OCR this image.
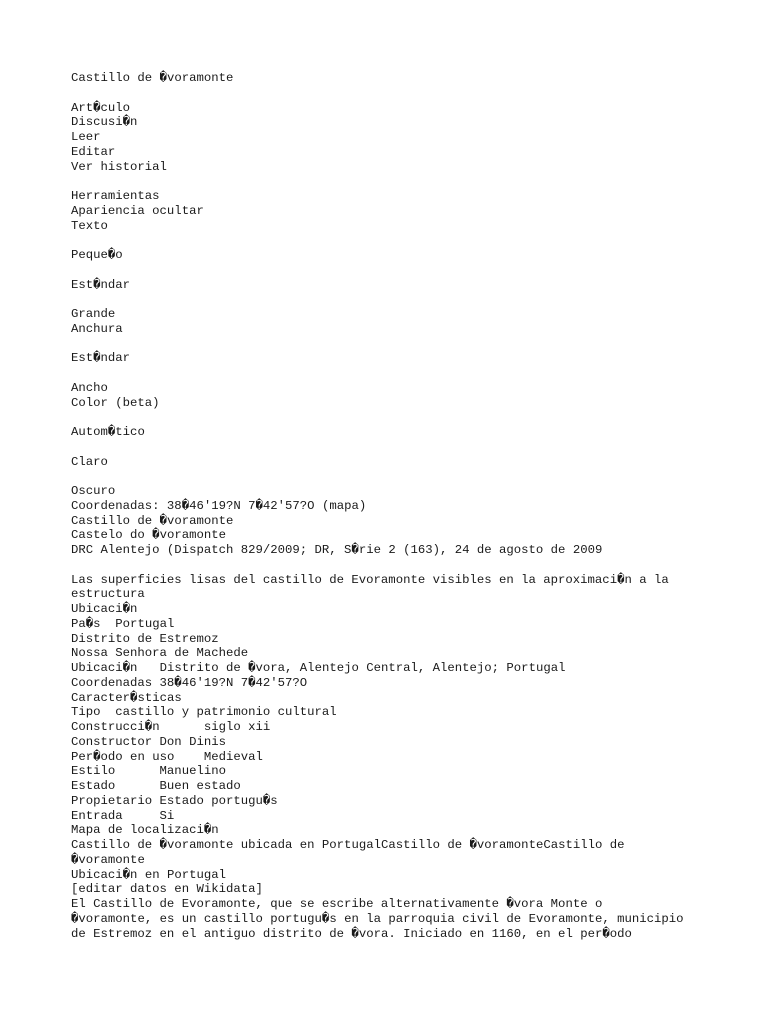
Castillo de �voramonte
Art�culo
Discusi�n
Leer
Editar
Ver historial
Herramientas
Apariencia ocultar
Texto
Peque�o
Est�ndar
Grande
Anchura
Est�ndar
Ancho
Color (beta)
Autom�tico
Claro
Oscuro
Coordenadas: 38�46'19?N 7�42'57?O (mapa)
Castillo de �voramonte
Castelo do �voramonte
DRC Alentejo (Dispatch 829/2009; DR, S�rie 2 (163), 24 de agosto de 2009
Las superficies lisas del castillo de Evoramonte visibles en la aproximaci�n a la
estructura
Ubicaci�n
Pa�s  Portugal
Distrito de Estremoz
Nossa Senhora de Machede
Ubicaci�n   Distrito de �vora, Alentejo Central, Alentejo; Portugal
Coordenadas 38�46'19?N 7�42'57?O
Caracter�sticas
Tipo  castillo y patrimonio cultural
Construcci�n      siglo xii
Constructor Don Dinis
Per�odo en uso    Medieval
Estilo      Manuelino
Estado      Buen estado
Propietario Estado portugu�s
Entrada     Si
Mapa de localizaci�n
Castillo de �voramonte ubicada en PortugalCastillo de �voramonteCastillo de
�voramonte
Ubicaci�n en Portugal
[editar datos en Wikidata]
El Castillo de Evoramonte, que se escribe alternativamente �vora Monte o
�voramonte, es un castillo portugu�s en la parroquia civil de Evoramonte, municipio
de Estremoz en el antiguo distrito de �vora. Iniciado en 1160, en el per�odo
